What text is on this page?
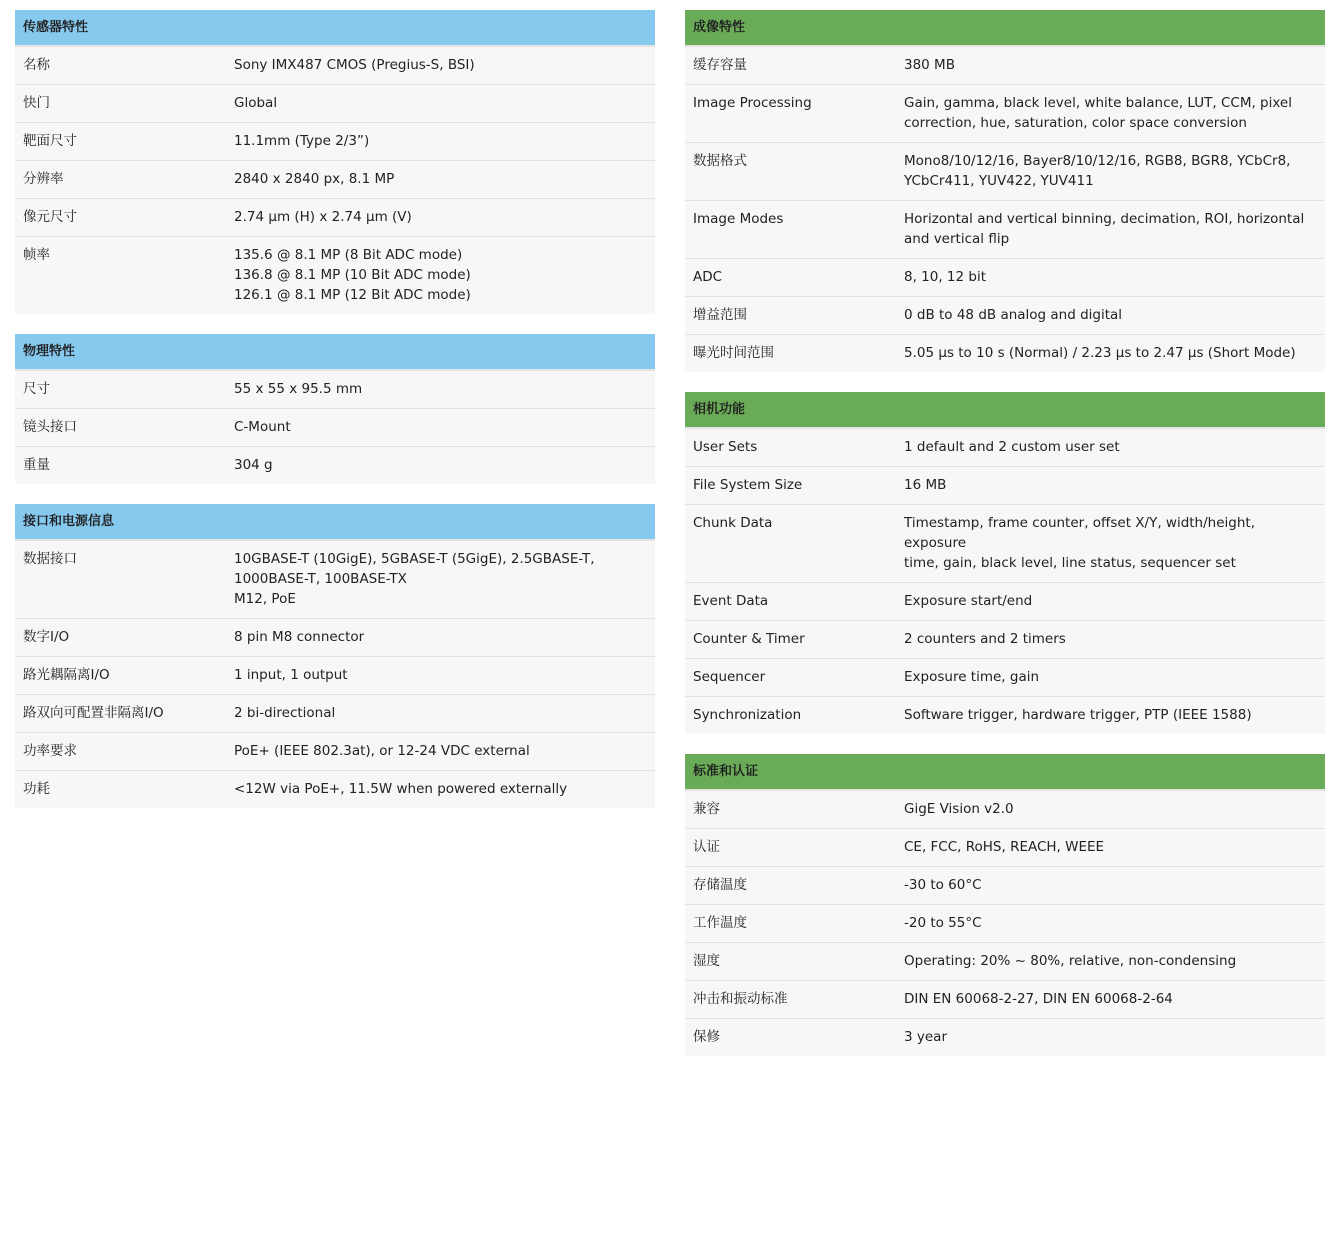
传感器特性
名称	Sony IMX487 CMOS (Pregius-S, BSI)
快门	Global
靶面尺寸	11.1mm (Type 2/3”)
分辨率	2840 x 2840 px, 8.1 MP
像元尺寸	2.74 µm (H) x 2.74 µm (V)
帧率	135.6 @ 8.1 MP (8 Bit ADC mode)
136.8 @ 8.1 MP (10 Bit ADC mode)
126.1 @ 8.1 MP (12 Bit ADC mode)
物理特性
尺寸	55 x 55 x 95.5 mm
镜头接口	C-Mount
重量	304 g
接口和电源信息
数据接口	10GBASE-T (10GigE), 5GBASE-T (5GigE), 2.5GBASE-T,
1000BASE-T, 100BASE-TX
M12, PoE
数字I/O	8 pin M8 connector
路光耦隔离I/O	1 input, 1 output
路双向可配置非隔离I/O	2 bi-directional
功率要求	PoE+ (IEEE 802.3at), or 12-24 VDC external
功耗	<12W via PoE+, 11.5W when powered externally
成像特性
缓存容量	380 MB
Image Processing	Gain, gamma, black level, white balance, LUT, CCM, pixel
correction, hue, saturation, color space conversion
数据格式	Mono8/10/12/16, Bayer8/10/12/16, RGB8, BGR8, YCbCr8,
YCbCr411, YUV422, YUV411
Image Modes	Horizontal and vertical binning, decimation, ROI, horizontal
and vertical flip
ADC	8, 10, 12 bit
增益范围	0 dB to 48 dB analog and digital
曝光时间范围	5.05 µs to 10 s (Normal) / 2.23 µs to 2.47 µs (Short Mode)
相机功能
User Sets	1 default and 2 custom user set
File System Size	16 MB
Chunk Data	Timestamp, frame counter, offset X/Y, width/height, exposure
time, gain, black level, line status, sequencer set
Event Data	Exposure start/end
Counter & Timer	2 counters and 2 timers
Sequencer	Exposure time, gain
Synchronization	Software trigger, hardware trigger, PTP (IEEE 1588)
标准和认证
兼容	GigE Vision v2.0
认证	CE, FCC, RoHS, REACH, WEEE
存储温度	-30 to 60°C
工作温度	-20 to 55°C
湿度	Operating: 20% ~ 80%, relative, non-condensing
冲击和振动标准	DIN EN 60068-2-27, DIN EN 60068-2-64
保修	3 year
